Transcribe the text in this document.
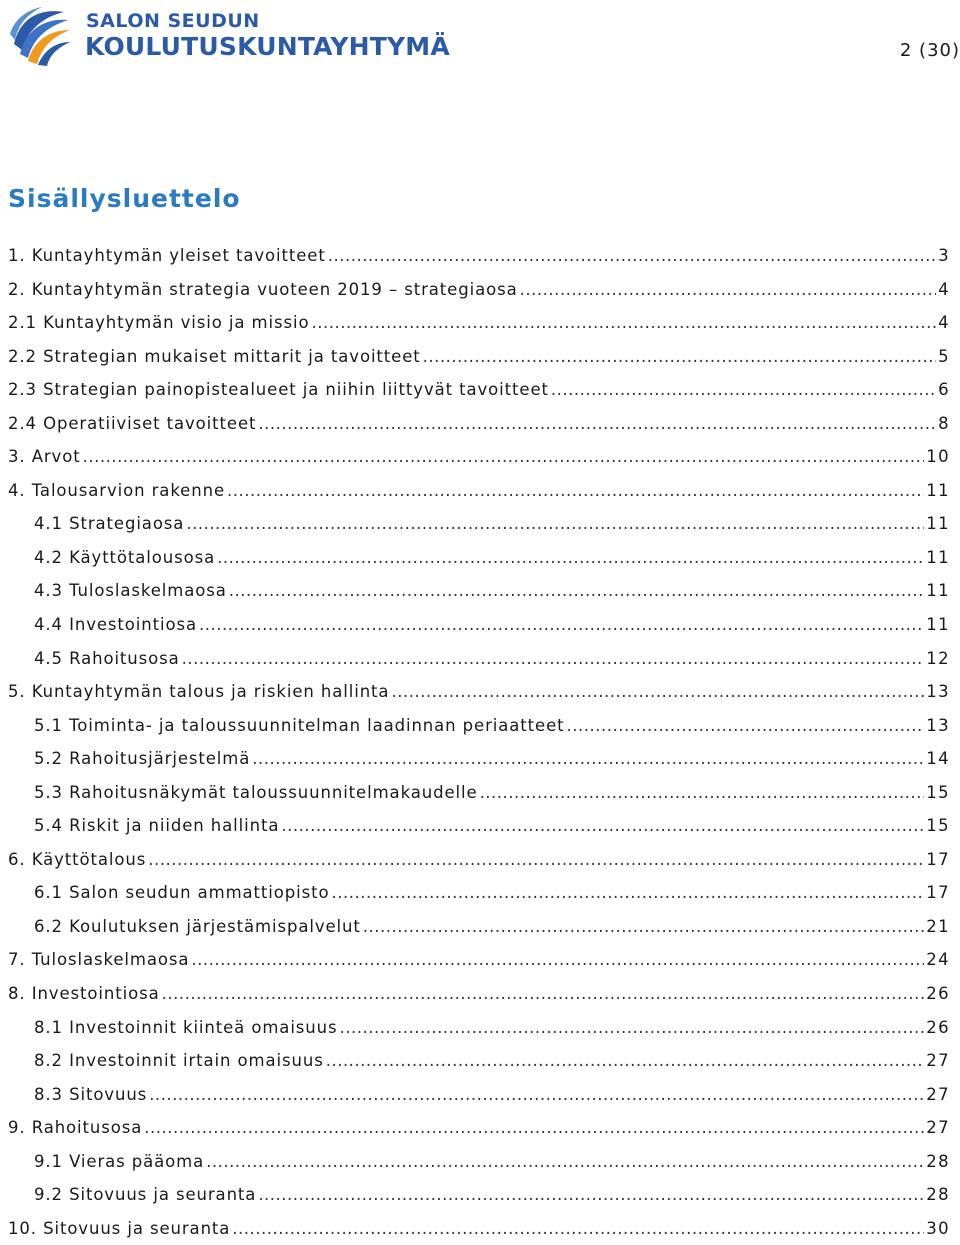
SALON SEUDUN
KOULUTUSKUNTAYHTYMÄ	2 (30)
Sisällysluettelo
1. Kuntayhtymän yleiset tavoitteet .....	3
2. Kuntayhtymän strategia vuoteen 2019 – strategiaosa .....	4
2.1 Kuntayhtymän visio ja missio .....	4
2.2 Strategian mukaiset mittarit ja tavoitteet .....	5
2.3 Strategian painopistealueet ja niihin liittyvät tavoitteet .....	6
2.4 Operatiiviset tavoitteet .....	8
3. Arvot .....	10
4. Talousarvion rakenne .....	11
4.1 Strategiaosa .....	11
4.2 Käyttötalousosa .....	11
4.3 Tuloslaskelmaosa .....	11
4.4 Investointiosa .....	11
4.5 Rahoitusosa .....	12
5. Kuntayhtymän talous ja riskien hallinta .....	13
5.1 Toiminta- ja taloussuunnitelman laadinnan periaatteet .....	13
5.2 Rahoitusjärjestelmä .....	14
5.3 Rahoitusnäkymät taloussuunnitelmakaudelle .....	15
5.4 Riskit ja niiden hallinta .....	15
6. Käyttötalous .....	17
6.1 Salon seudun ammattiopisto .....	17
6.2 Koulutuksen järjestämispalvelut .....	21
7. Tuloslaskelmaosa .....	24
8. Investointiosa .....	26
8.1 Investoinnit kiinteä omaisuus .....	26
8.2 Investoinnit irtain omaisuus .....	27
8.3 Sitovuus .....	27
9. Rahoitusosa .....	27
9.1 Vieras pääoma .....	28
9.2 Sitovuus ja seuranta .....	28
10. Sitovuus ja seuranta .....	30
